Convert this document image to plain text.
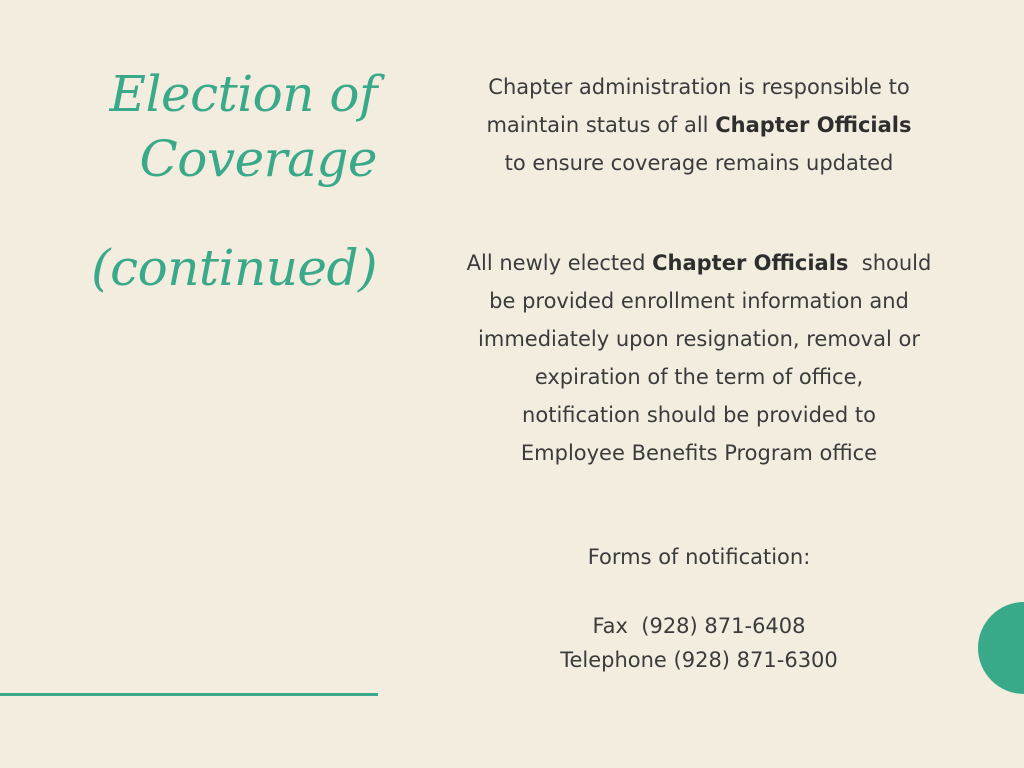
Election of
Coverage
(continued)
Chapter administration is responsible to
maintain status of all Chapter Officials
to ensure coverage remains updated
All newly elected Chapter Officials  should
be provided enrollment information and
immediately upon resignation, removal or
expiration of the term of office,
notification should be provided to
Employee Benefits Program office
Forms of notification:
Fax  (928) 871-6408
Telephone (928) 871-6300
